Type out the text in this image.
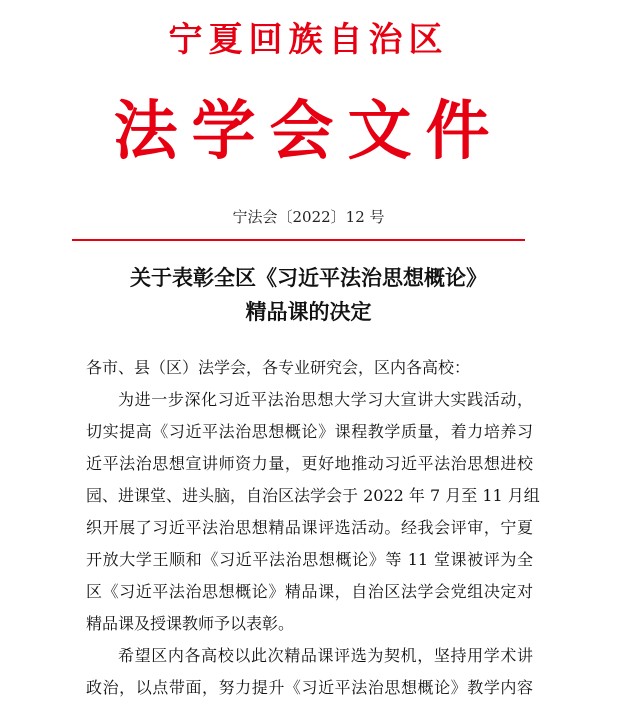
宁夏回族自治区
法学会文件
宁法会〔2022〕12 号
关于表彰全区《习近平法治思想概论》
精品课的决定
各市、县（区）法学会，各专业研究会，区内各高校：
为进一步深化习近平法治思想大学习大宣讲大实践活动，
切实提高《习近平法治思想概论》课程教学质量，着力培养习
近平法治思想宣讲师资力量，更好地推动习近平法治思想进校
园、进课堂、进头脑，自治区法学会于 2022 年 7 月至 11 月组
织开展了习近平法治思想精品课评选活动。经我会评审，宁夏
开放大学王顺和《习近平法治思想概论》等 11 堂课被评为全
区《习近平法治思想概论》精品课，自治区法学会党组决定对
精品课及授课教师予以表彰。
希望区内各高校以此次精品课评选为契机，坚持用学术讲
政治，以点带面，努力提升《习近平法治思想概论》教学内容
